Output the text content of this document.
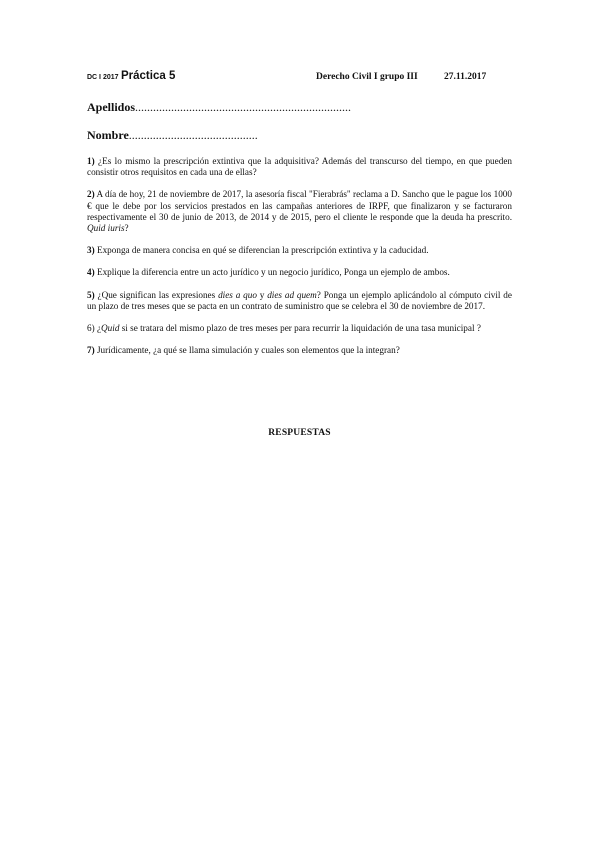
DC I 2017 Práctica 5	Derecho Civil I grupo III	27.11.2017
Apellidos........................................................................
Nombre...........................................

1) ¿Es lo mismo la prescripción extintiva que la adquisitiva? Además del transcurso del tiempo, en que pueden consistir otros requisitos en cada una de ellas?

2) A día de hoy, 21 de noviembre de 2017, la asesoría fiscal "Fierabrás" reclama a D. Sancho que le pague los 1000 € que le debe por los servicios prestados en las campañas anteriores de IRPF, que finalizaron y se facturaron respectivamente el 30 de junio de 2013, de 2014 y de 2015, pero el cliente le responde que la deuda ha prescrito. Quid iuris?

3) Exponga de manera concisa en qué se diferencian la prescripción extintiva y la caducidad.

4) Explique la diferencia entre un acto jurídico y un negocio jurídico, Ponga un ejemplo de ambos.

5) ¿Que significan las expresiones dies a quo y dies ad quem? Ponga un ejemplo aplicándolo al cómputo civil de un plazo de tres meses que se pacta en un contrato de suministro que se celebra el 30 de noviembre de 2017.

6) ¿Quid si se tratara del mismo plazo de tres meses per para recurrir la liquidación de una tasa municipal ?

7) Jurídicamente, ¿a qué se llama simulación y cuales son elementos que la integran?

RESPUESTAS
